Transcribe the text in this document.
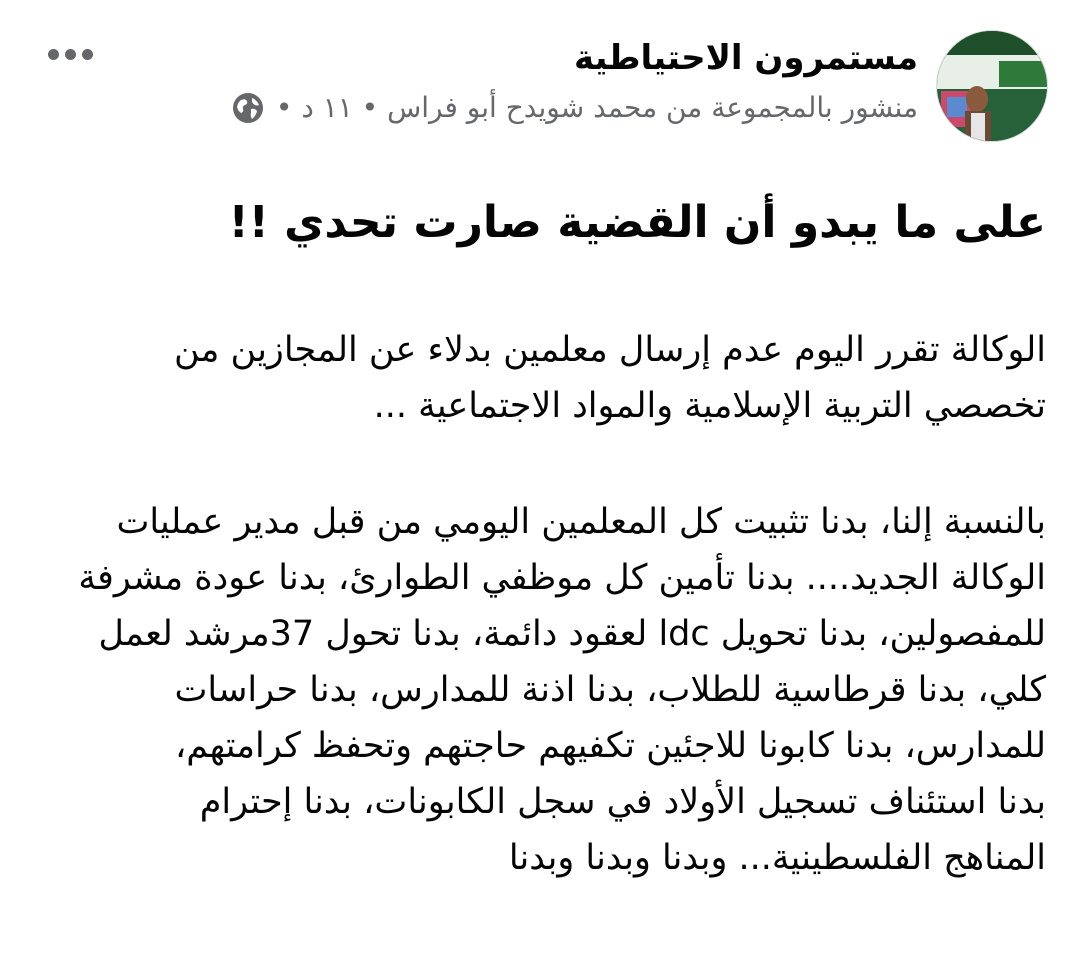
مستمرون الاحتياطية
منشور بالمجموعة من محمد شويدح أبو فراس • ١١ د •
على ما يبدو أن القضية صارت تحدي !!
الوكالة تقرر اليوم عدم إرسال معلمين بدلاء عن المجازين من
تخصصي التربية الإسلامية والمواد الاجتماعية ...
بالنسبة إلنا، بدنا تثبيت كل المعلمين اليومي من قبل مدير عمليات
الوكالة الجديد.... بدنا تأمين كل موظفي الطوارئ، بدنا عودة مشرفة
للمفصولين، بدنا تحويل ldc لعقود دائمة، بدنا تحول 37مرشد لعمل
كلي، بدنا قرطاسية للطلاب، بدنا اذنة للمدارس، بدنا حراسات
للمدارس، بدنا كابونا للاجئين تكفيهم حاجتهم وتحفظ كرامتهم،
بدنا استئناف تسجيل الأولاد في سجل الكابونات، بدنا إحترام
المناهج الفلسطينية... وبدنا وبدنا وبدنا
